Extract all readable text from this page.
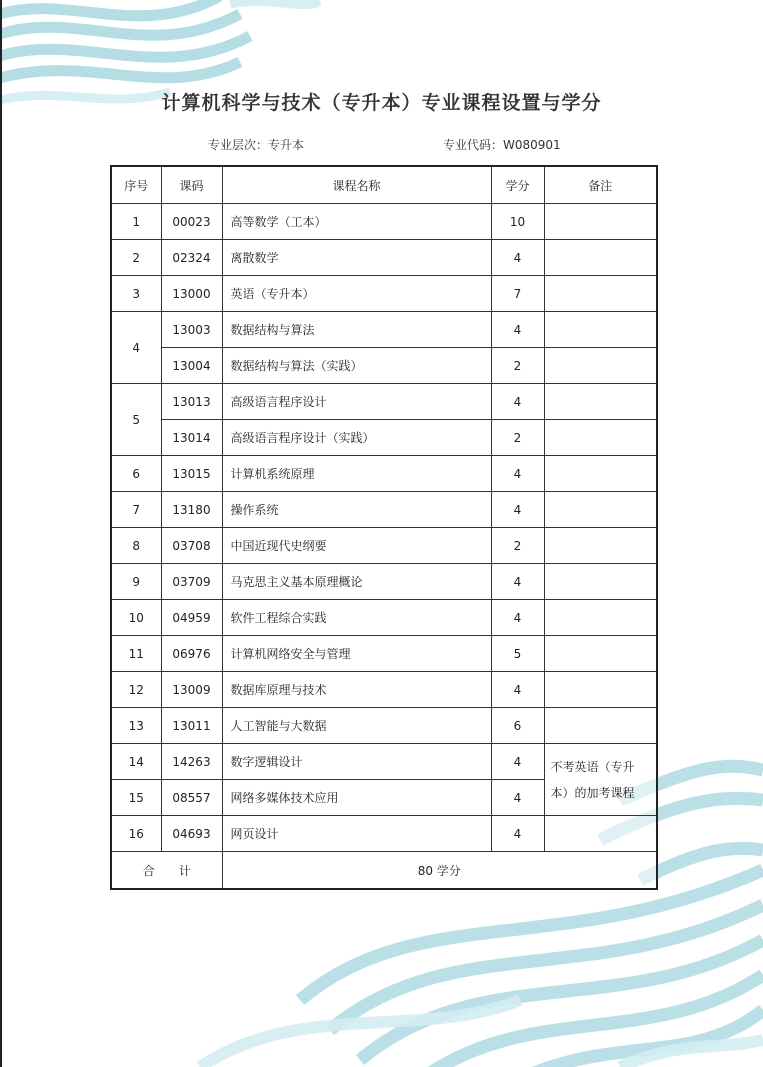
计算机科学与技术（专升本）专业课程设置与学分
专业层次：专升本	专业代码：W080901
序号	课码	课程名称	学分	备注
1	00023	高等数学（工本）	10	
2	02324	离散数学	4	
3	13000	英语（专升本）	7	
4	13003	数据结构与算法	4	
	13004	数据结构与算法（实践）	2	
5	13013	高级语言程序设计	4	
	13014	高级语言程序设计（实践）	2	
6	13015	计算机系统原理	4	
7	13180	操作系统	4	
8	03708	中国近现代史纲要	2	
9	03709	马克思主义基本原理概论	4	
10	04959	软件工程综合实践	4	
11	06976	计算机网络安全与管理	5	
12	13009	数据库原理与技术	4	
13	13011	人工智能与大数据	6	
14	14263	数字逻辑设计	4	不考英语（专升本）的加考课程
15	08557	网络多媒体技术应用	4	
16	04693	网页设计	4	
合　　计		80 学分		
